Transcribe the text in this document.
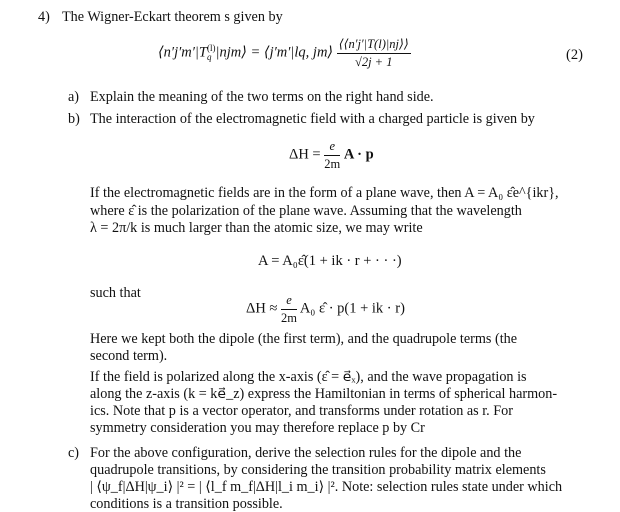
4) The Wigner-Eckart theorem s given by
⟨n′j′m′|T (l)
q |njm⟩ = ⟨j′m′|lq, jm⟩ $\frac{⟨⟨n'j'|T(l)|nj⟩⟩}{√2j + 1}$	(2)
a) Explain the meaning of the two terms on the right hand side.
b) The interaction of the electromagnetic field with a charged particle is given by
$\Delta H = \frac{e}{2m}$ A · p
If the electromagnetic fields are in the form of a plane wave, then A = A₀ ε̂e^{ikr},
where ε̂ is the polarization of the plane wave. Assuming that the wavelength
λ = 2π/k is much larger than the atomic size, we may write
A = A₀ε̂(1 + ik · r + · · ·)
such that
$\Delta H \approx \frac{e}{2m} A_0$ ε̂ · p(1 + ik · r)
Here we kept both the dipole (the first term), and the quadrupole terms (the
second term).
If the field is polarized along the x-axis (ε̂ = e⃗ₓ), and the wave propagation is
along the z-axis (k = ke⃗_z) express the Hamiltonian in terms of spherical harmon-
ics. Note that p is a vector operator, and transforms under rotation as r. For
symmetry consideration you may therefore replace p by Cr
c) For the above configuration, derive the selection rules for the dipole and the
quadrupole transitions, by considering the transition probability matrix elements
| ⟨ψ_f|ΔH|ψ_i⟩ |² = | ⟨l_f m_f|ΔH|l_i m_i⟩ |². Note: selection rules state under which
conditions is a transition possible.
